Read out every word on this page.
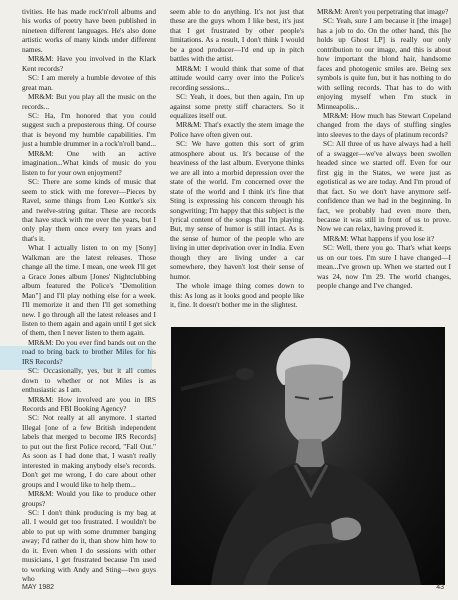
tivities. He has made rock'n'roll albums and his works of poetry have been published in nineteen different languages. He's also done artistic works of many kinds under different names.

MR&M: Have you involved in the Klark Kent records?

SC: I am merely a humble devotee of this great man.

MR&M: But you play all the music on the records...

SC: Ha, I'm honored that you could suggest such a preposterous thing. Of course that is beyond my humble capabilities. I'm just a humble drummer in a rock'n'roll band...

MR&M: One with an active imagination...What kinds of music do you listen to for your own enjoyment?

SC: There are some kinds of music that seem to stick with me forever—Pieces by Ravel, some things from Leo Kottke's six and twelve-string guitar. These are records that have stuck with me over the years, but I only play them once every ten years and that's it.

What I actually listen to on my [Sony] Walkman are the latest releases. Those change all the time. I mean, one week I'll get a Grace Jones album [Jones' Nightclubbing album featured the Police's "Demolition Man"] and I'll play nothing else for a week. I'll memorize it and then I'll get something new. I go through all the latest releases and I listen to them again and again until I get sick of them, then I never listen to them again.

MR&M: Do you ever find bands out on the road to bring back to brother Miles for his IRS Records?

SC: Occasionally, yes, but it all comes down to whether or not Miles is as enthusiastic as I am.

MR&M: How involved are you in IRS Records and FBI Booking Agency?

SC: Not really at all anymore. I started Illegal [one of a few British independent labels that merged to become IRS Records] to put out the first Police record, "Fall Out." As soon as I had done that, I wasn't really interested in making anybody else's records. Don't get me wrong, I do care about other groups and I would like to help them...

MR&M: Would you like to produce other groups?

SC: I don't think producing is my bag at all. I would get too frustrated. I wouldn't be able to put up with some drummer banging away; I'd rather do it, than show him how to do it. Even when I do sessions with other musicians, I get frustrated because I'm used to working with Andy and Sting—two guys who

seem able to do anything. It's not just that these are the guys whom I like best, it's just that I get frustrated by other people's limitations. As a result, I don't think I would be a good producer—I'd end up in pitch battles with the artist.

MR&M: I would think that some of that attitude would carry over into the Police's recording sessions...

SC: Yeah, it does, but then again, I'm up against some pretty stiff characters. So it equalizes itself out.

MR&M: That's exactly the stern image the Police have often given out.

SC: We have gotten this sort of grim atmosphere about us. It's because of the heaviness of the last album. Everyone thinks we are all into a morbid depression over the state of the world. I'm concerned over the state of the world and I think it's fine that Sting is expressing his concern through his songwriting; I'm happy that this subject is the lyrical content of the songs that I'm playing. But, my sense of humor is still intact. As is the sense of humor of the people who are living in utter deprivation over in India. Even though they are living under a car somewhere, they haven't lost their sense of humor.

The whole image thing comes down to this: As long as it looks good and people like it, fine. It doesn't bother me in the slightest.

MR&M: Aren't you perpetrating that image?

SC: Yeah, sure I am because it [the image] has a job to do. On the other hand, this [he holds up Ghost LP] is really our only contribution to our image, and this is about how important the blond hair, handsome faces and photogenic smiles are. Being sex symbols is quite fun, but it has nothing to do with selling records. That has to do with enjoying myself when I'm stuck in Minneapolis...

MR&M: How much has Stewart Copeland changed from the days of stuffing singles into sleeves to the days of platinum records?

SC: All three of us have always had a hell of a swagger—we've always been swollen headed since we started off. Even for our first gig in the States, we were just as egotistical as we are today. And I'm proud of that fact. So we don't have anymore self-confidence than we had in the beginning. In fact, we probably had even more then, because it was still in front of us to prove. Now we can relax, having proved it.

MR&M: What happens if you lose it?

SC: Well, there you go. That's what keeps us on our toes. I'm sure I have changed—I mean...I've grown up. When we started out I was 24, now I'm 29. The world changes, people change and I've changed.

MAY 1982	43
